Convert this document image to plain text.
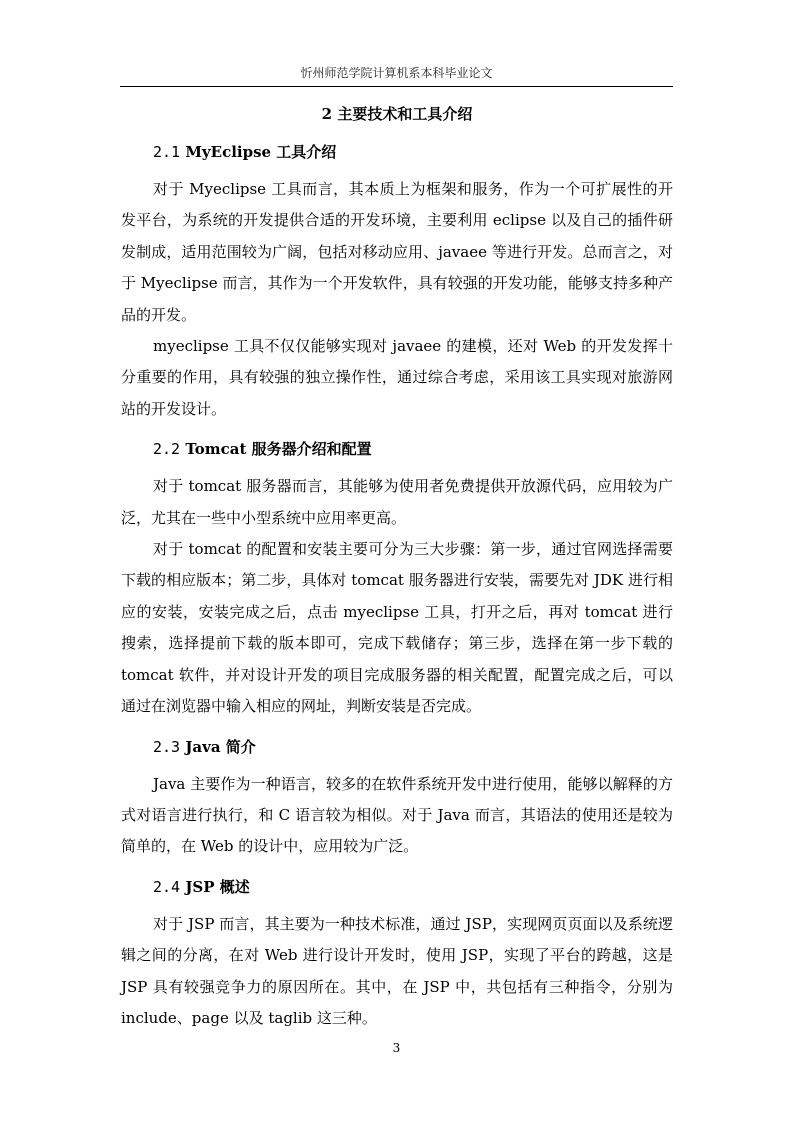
忻州师范学院计算机系本科毕业论文
2 主要技术和工具介绍
2.1 MyEclipse 工具介绍

对于 Myeclipse 工具而言，其本质上为框架和服务，作为一个可扩展性的开发平台，为系统的开发提供合适的开发环境，主要利用 eclipse 以及自己的插件研发制成，适用范围较为广阔，包括对移动应用、javaee 等进行开发。总而言之，对于 Myeclipse 而言，其作为一个开发软件，具有较强的开发功能，能够支持多种产品的开发。

myeclipse 工具不仅仅能够实现对 javaee 的建模，还对 Web 的开发发挥十分重要的作用，具有较强的独立操作性，通过综合考虑，采用该工具实现对旅游网站的开发设计。

2.2 Tomcat 服务器介绍和配置

对于 tomcat 服务器而言，其能够为使用者免费提供开放源代码，应用较为广泛，尤其在一些中小型系统中应用率更高。

对于 tomcat 的配置和安装主要可分为三大步骤：第一步，通过官网选择需要下载的相应版本；第二步，具体对 tomcat 服务器进行安装，需要先对 JDK 进行相应的安装，安装完成之后，点击 myeclipse 工具，打开之后，再对 tomcat 进行搜索，选择提前下载的版本即可，完成下载储存；第三步，选择在第一步下载的 tomcat 软件，并对设计开发的项目完成服务器的相关配置，配置完成之后，可以通过在浏览器中输入相应的网址，判断安装是否完成。

2.3 Java 简介

Java 主要作为一种语言，较多的在软件系统开发中进行使用，能够以解释的方式对语言进行执行，和 C 语言较为相似。对于 Java 而言，其语法的使用还是较为简单的，在 Web 的设计中，应用较为广泛。

2.4 JSP 概述

对于 JSP 而言，其主要为一种技术标准，通过 JSP，实现网页页面以及系统逻辑之间的分离，在对 Web 进行设计开发时，使用 JSP，实现了平台的跨越，这是 JSP 具有较强竞争力的原因所在。其中，在 JSP 中，共包括有三种指令，分别为 include、page 以及 taglib 这三种。

3
